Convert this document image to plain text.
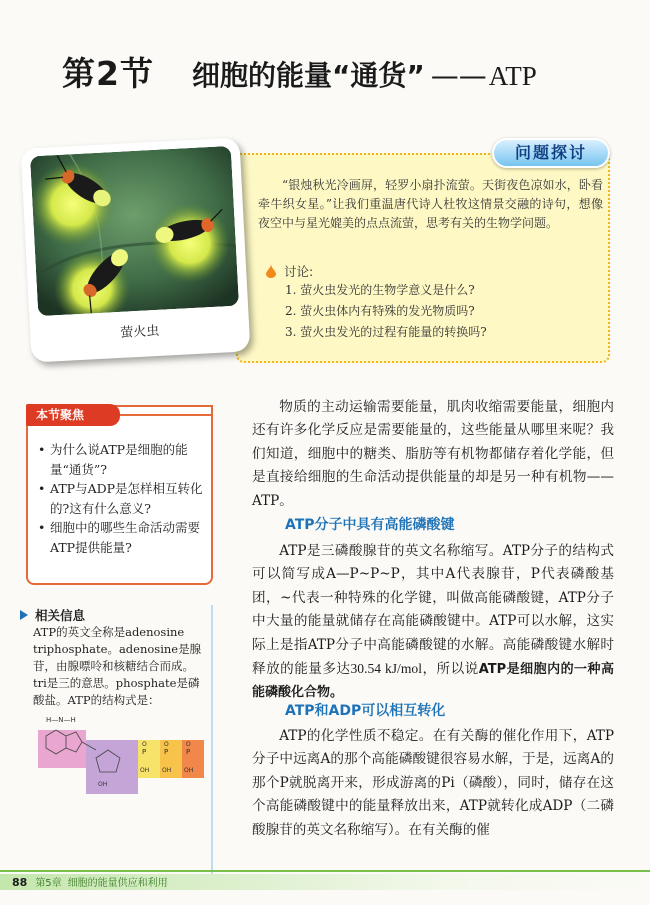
第2节 细胞的能量“通货” —— ATP
问题探讨
萤火虫

“银烛秋光冷画屏，轻罗小扇扑流萤。天街夜色凉如水，卧看牵牛织女星。”让我们重温唐代诗人杜牧这情景交融的诗句，想像夜空中与星光媲美的点点流萤，思考有关的生物学问题。

讨论:
1. 萤火虫发光的生物学意义是什么?
2. 萤火虫体内有特殊的发光物质吗?
3. 萤火虫发光的过程有能量的转换吗?
本节聚焦
• 为什么说ATP是细胞的能量“通货”?
• ATP与ADP是怎样相互转化的?这有什么意义?
• 细胞中的哪些生命活动需要ATP提供能量?
相关信息

ATP的英文全称是adenosine triphosphate。adenosine是腺苷，由腺嘌呤和核糖结合而成。tri是三的意思。phosphate是磷酸盐。ATP的结构式是：

H—N—H
P	P	P
O	O	O
OH OH OH
OH

物质的主动运输需要能量，肌肉收缩需要能量，细胞内还有许多化学反应是需要能量的，这些能量从哪里来呢？我们知道，细胞中的糖类、脂肪等有机物都储存着化学能，但是直接给细胞的生命活动提供能量的却是另一种有机物——ATP。

ATP分子中具有高能磷酸键

ATP是三磷酸腺苷的英文名称缩写。ATP分子的结构式可以简写成A—P~P~P，其中A代表腺苷，P代表磷酸基团，~代表一种特殊的化学键，叫做高能磷酸键，ATP分子中大量的能量就储存在高能磷酸键中。ATP可以水解，这实际上是指ATP分子中高能磷酸键的水解。高能磷酸键水解时释放的能量多达30.54 kJ/mol，所以说ATP是细胞内的一种高能磷酸化合物。

ATP和ADP可以相互转化

ATP的化学性质不稳定。在有关酶的催化作用下，ATP分子中远离A的那个高能磷酸键很容易水解，于是，远离A的那个P就脱离开来，形成游离的Pi（磷酸），同时，储存在这个高能磷酸键中的能量释放出来，ATP就转化成ADP（二磷酸腺苷的英文名称缩写）。在有关酶的催

88 第5章 细胞的能量供应和利用
